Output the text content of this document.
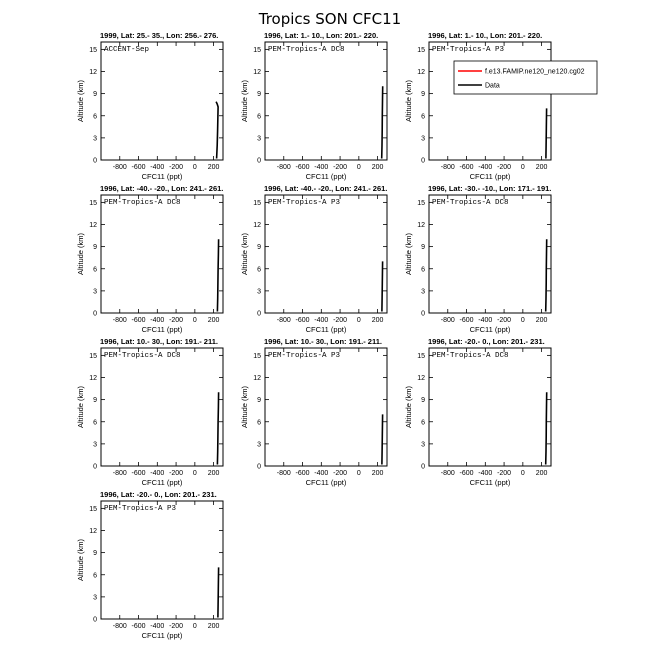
Tropics SON CFC11
1999, Lat: 25.- 35., Lon: 256.- 276.
ACCENT-Sep
-800 -600 -400 -200 0 200
0
3
6
9
12
15
CFC11 (ppt)
Altitude (km)
1996, Lat: 1.- 10., Lon: 201.- 220.
PEM-Tropics-A DC8
-800 -600 -400 -200 0 200
0
3
6
9
12
15
CFC11 (ppt)
Altitude (km)
1996, Lat: 1.- 10., Lon: 201.- 220.
PEM-Tropics-A P3
-800 -600 -400 -200 0 200
0
3
6
9
12
15
CFC11 (ppt)
Altitude (km)
f.e13.FAMIP.ne120_ne120.cg02
Data
1996, Lat: -40.- -20., Lon: 241.- 261.
PEM-Tropics-A DC8
-800 -600 -400 -200 0 200
0
3
6
9
12
15
CFC11 (ppt)
Altitude (km)
1996, Lat: -40.- -20., Lon: 241.- 261.
PEM-Tropics-A P3
-800 -600 -400 -200 0 200
0
3
6
9
12
15
CFC11 (ppt)
Altitude (km)
1996, Lat: -30.- -10., Lon: 171.- 191.
PEM-Tropics-A DC8
-800 -600 -400 -200 0 200
0
3
6
9
12
15
CFC11 (ppt)
Altitude (km)
1996, Lat: 10.- 30., Lon: 191.- 211.
PEM-Tropics-A DC8
-800 -600 -400 -200 0 200
0
3
6
9
12
15
CFC11 (ppt)
Altitude (km)
1996, Lat: 10.- 30., Lon: 191.- 211.
PEM-Tropics-A P3
-800 -600 -400 -200 0 200
0
3
6
9
12
15
CFC11 (ppt)
Altitude (km)
1996, Lat: -20.- 0., Lon: 201.- 231.
PEM-Tropics-A DC8
-800 -600 -400 -200 0 200
0
3
6
9
12
15
CFC11 (ppt)
Altitude (km)
1996, Lat: -20.- 0., Lon: 201.- 231.
PEM-Tropics-A P3
-800 -600 -400 -200 0 200
0
3
6
9
12
15
CFC11 (ppt)
Altitude (km)
